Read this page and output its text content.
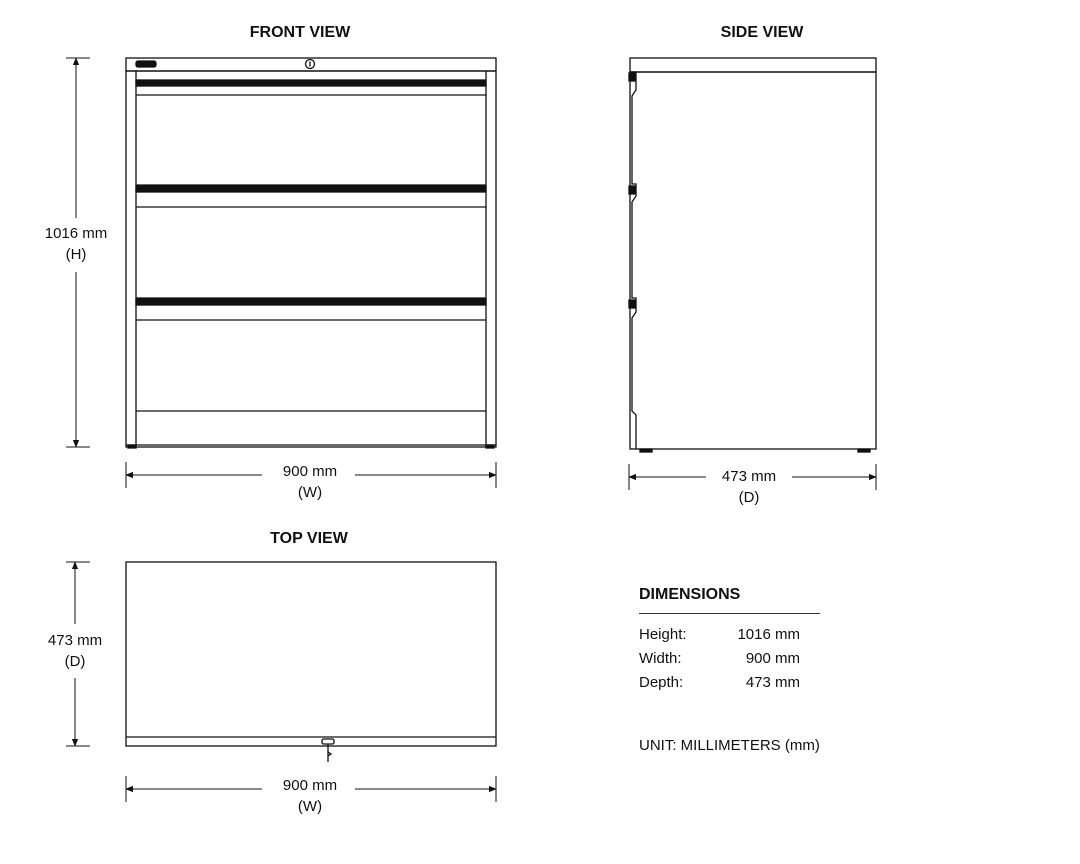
FRONT VIEW
1016 mm
(H)
900 mm
(W)
SIDE VIEW
473 mm
(D)
TOP VIEW
473 mm
(D)
900 mm
(W)
DIMENSIONS
Height:	1016 mm
Width:	900 mm
Depth:	473 mm
UNIT: MILLIMETERS (mm)
